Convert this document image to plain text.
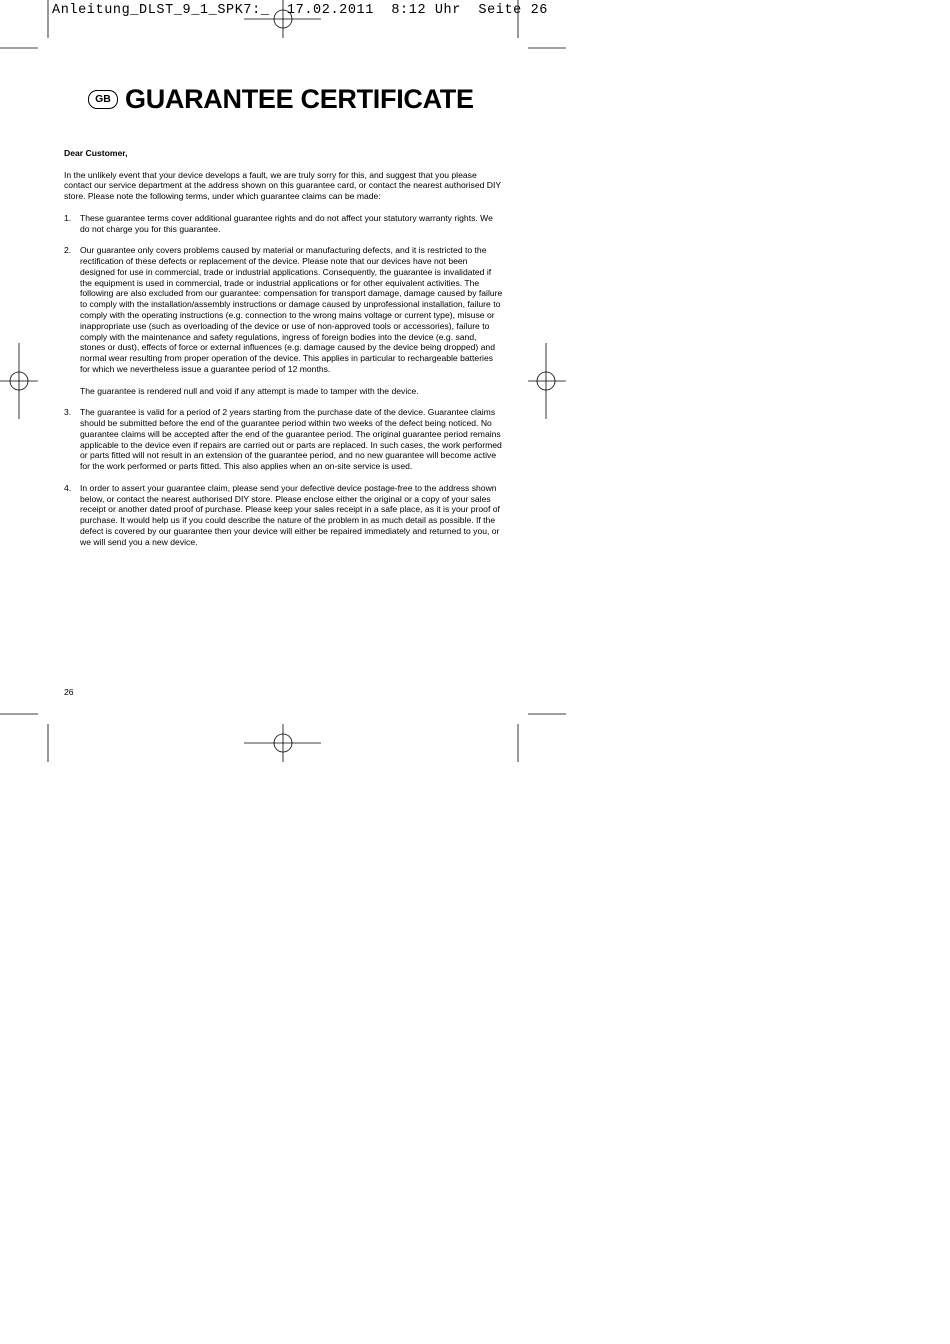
Anleitung_DLST_9_1_SPK7:_  17.02.2011  8:12 Uhr  Seite 26
GB GUARANTEE CERTIFICATE

Dear Customer,

In the unlikely event that your device develops a fault, we are truly sorry for this, and suggest that you please contact our service department at the address shown on this guarantee card, or contact the nearest authorised DIY store. Please note the following terms, under which guarantee claims can be made:

1. These guarantee terms cover additional guarantee rights and do not affect your statutory warranty rights. We do not charge you for this guarantee.

2. Our guarantee only covers problems caused by material or manufacturing defects, and it is restricted to the rectification of these defects or replacement of the device. Please note that our devices have not been designed for use in commercial, trade or industrial applications. Consequently, the guarantee is invalidated if the equipment is used in commercial, trade or industrial applications or for other equivalent activities. The following are also excluded from our guarantee: compensation for transport damage, damage caused by failure to comply with the installation/assembly instructions or damage caused by unprofessional installation, failure to comply with the operating instructions (e.g. connection to the wrong mains voltage or current type), misuse or inappropriate use (such as overloading of the device or use of non-approved tools or accessories), failure to comply with the maintenance and safety regulations, ingress of foreign bodies into the device (e.g. sand, stones or dust), effects of force or external influences (e.g. damage caused by the device being dropped) and normal wear resulting from proper operation of the device. This applies in particular to rechargeable batteries for which we nevertheless issue a guarantee period of 12 months.

The guarantee is rendered null and void if any attempt is made to tamper with the device.

3. The guarantee is valid for a period of 2 years starting from the purchase date of the device. Guarantee claims should be submitted before the end of the guarantee period within two weeks of the defect being noticed. No guarantee claims will be accepted after the end of the guarantee period. The original guarantee period remains applicable to the device even if repairs are carried out or parts are replaced. In such cases, the work performed or parts fitted will not result in an extension of the guarantee period, and no new guarantee will become active for the work performed or parts fitted. This also applies when an on-site service is used.

4. In order to assert your guarantee claim, please send your defective device postage-free to the address shown below, or contact the nearest authorised DIY store. Please enclose either the original or a copy of your sales receipt or another dated proof of purchase. Please keep your sales receipt in a safe place, as it is your proof of purchase. It would help us if you could describe the nature of the problem in as much detail as possible. If the defect is covered by our guarantee then your device will either be repaired immediately and returned to you, or we will send you a new device.

26
